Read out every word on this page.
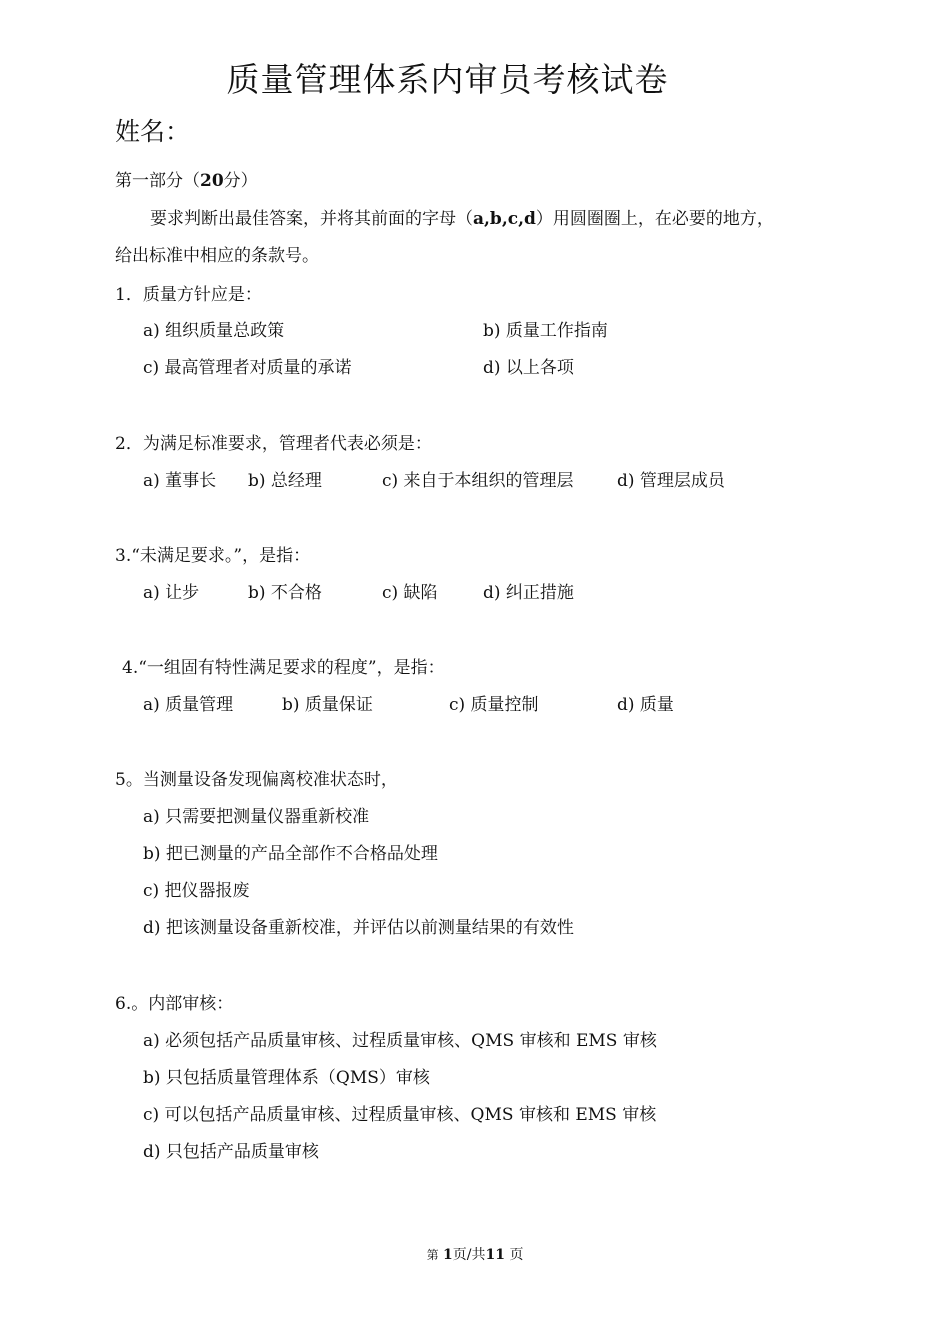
质量管理体系内审员考核试卷
姓名：
第一部分（20分）
要求判断出最佳答案，并将其前面的字母（a,b,c,d）用圆圈圈上，在必要的地方，
给出标准中相应的条款号。
1．质量方针应是：
a) 组织质量总政策	b) 质量工作指南
c) 最高管理者对质量的承诺	d) 以上各项
2．为满足标准要求，管理者代表必须是：
a) 董事长 b) 总经理	c) 来自于本组织的管理层	d) 管理层成员
3.“未满足要求。”，是指：
a) 让步	b) 不合格	c) 缺陷	d) 纠正措施
4.“一组固有特性满足要求的程度”，是指：
a) 质量管理	b) 质量保证	c) 质量控制	d) 质量
5。当测量设备发现偏离校准状态时，
a) 只需要把测量仪器重新校准
b) 把已测量的产品全部作不合格品处理
c) 把仪器报废
d) 把该测量设备重新校准，并评估以前测量结果的有效性
6.。内部审核：
a) 必须包括产品质量审核、过程质量审核、QMS 审核和 EMS 审核
b) 只包括质量管理体系（QMS）审核
c) 可以包括产品质量审核、过程质量审核、QMS 审核和 EMS 审核
d) 只包括产品质量审核
第 1页/共11 页
